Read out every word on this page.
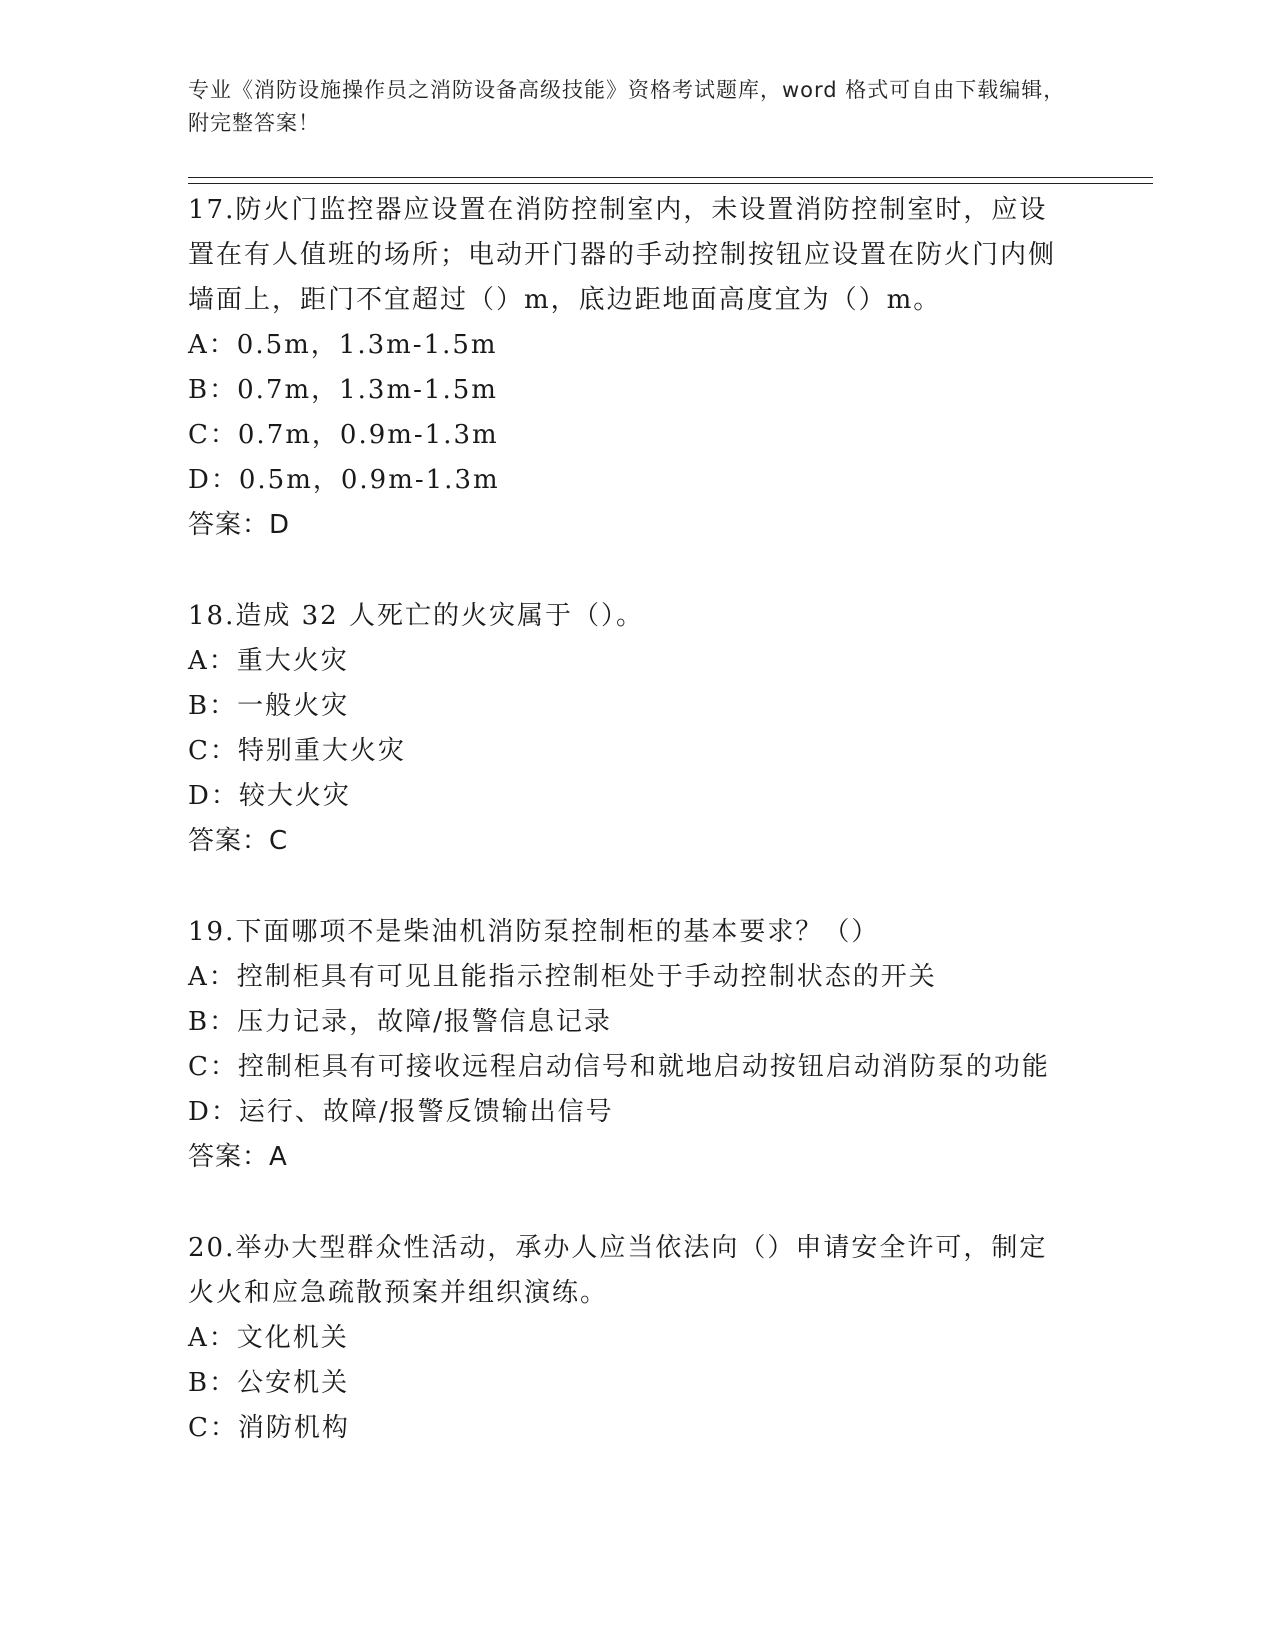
专业《消防设施操作员之消防设备高级技能》资格考试题库，word 格式可自由下载编辑，附完整答案！

17.防火门监控器应设置在消防控制室内，未设置消防控制室时，应设置在有人值班的场所；电动开门器的手动控制按钮应设置在防火门内侧墙面上，距门不宜超过（）m，底边距地面高度宜为（）m。

A：0.5m，1.3m-1.5m

B：0.7m，1.3m-1.5m

C：0.7m，0.9m-1.3m

D：0.5m，0.9m-1.3m

答案：D

18.造成 32 人死亡的火灾属于（）。

A：重大火灾

B：一般火灾

C：特别重大火灾

D：较大火灾

答案：C

19.下面哪项不是柴油机消防泵控制柜的基本要求？（）

A：控制柜具有可见且能指示控制柜处于手动控制状态的开关

B：压力记录，故障/报警信息记录

C：控制柜具有可接收远程启动信号和就地启动按钮启动消防泵的功能

D：运行、故障/报警反馈输出信号

答案：A

20.举办大型群众性活动，承办人应当依法向（）申请安全许可，制定火火和应急疏散预案并组织演练。

A：文化机关

B：公安机关

C：消防机构
